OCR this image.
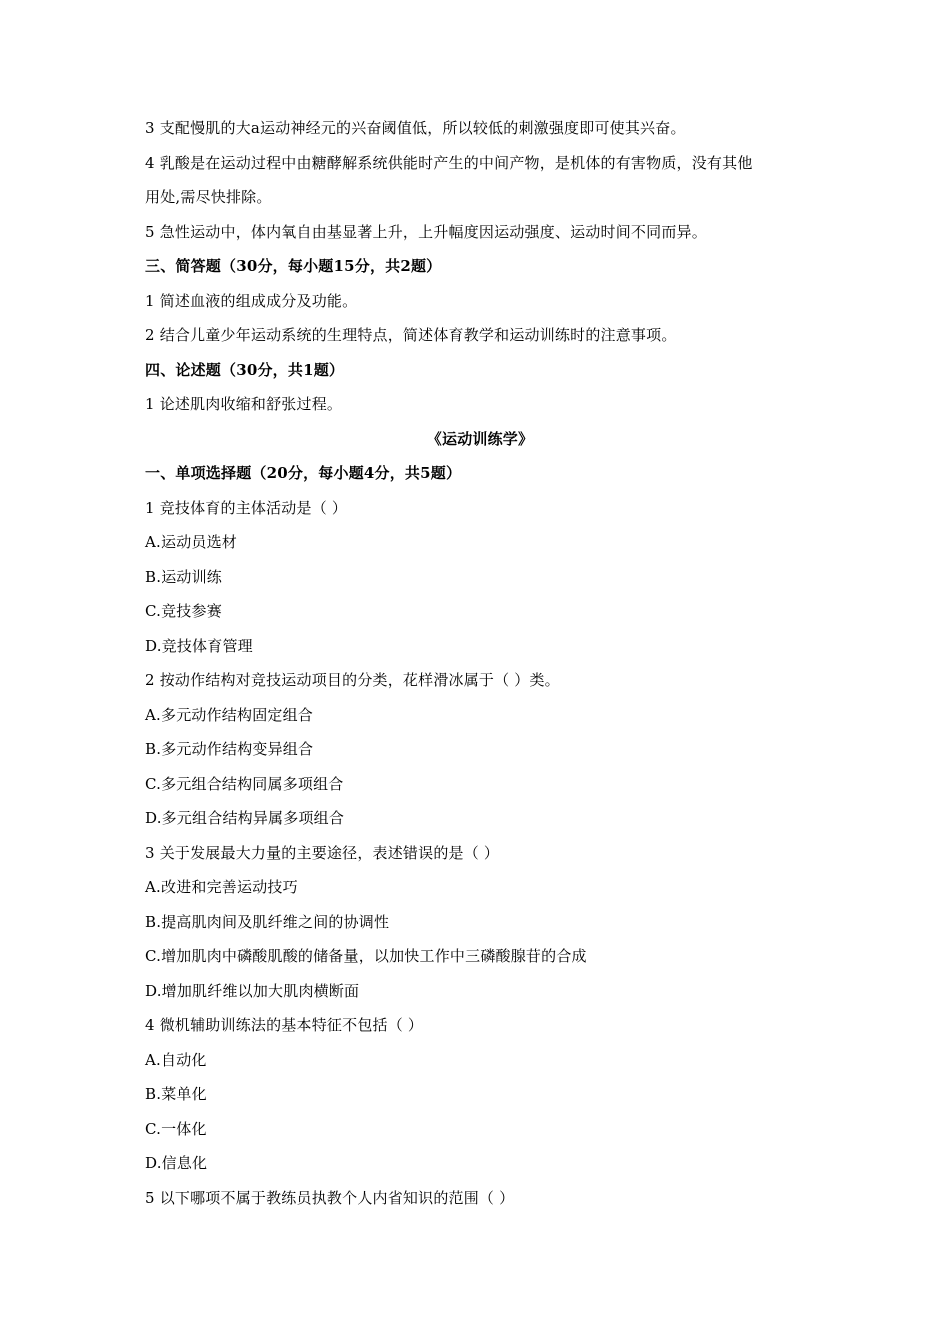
3 支配慢肌的大a运动神经元的兴奋阈值低，所以较低的刺激强度即可使其兴奋。
4 乳酸是在运动过程中由糖酵解系统供能时产生的中间产物，是机体的有害物质，没有其他
用处,需尽快排除。
5 急性运动中，体内氧自由基显著上升，上升幅度因运动强度、运动时间不同而异。
三、简答题（30分，每小题15分，共2题）
1 简述血液的组成成分及功能。
2 结合儿童少年运动系统的生理特点，简述体育教学和运动训练时的注意事项。
四、论述题（30分，共1题）
1 论述肌肉收缩和舒张过程。
《运动训练学》
一、单项选择题（20分，每小题4分，共5题）
1 竞技体育的主体活动是（ ）
A.运动员选材
B.运动训练
C.竞技参赛
D.竞技体育管理
2 按动作结构对竞技运动项目的分类，花样滑冰属于（ ）类。
A.多元动作结构固定组合
B.多元动作结构变异组合
C.多元组合结构同属多项组合
D.多元组合结构异属多项组合
3 关于发展最大力量的主要途径，表述错误的是（ ）
A.改进和完善运动技巧
B.提高肌肉间及肌纤维之间的协调性
C.增加肌肉中磷酸肌酸的储备量，以加快工作中三磷酸腺苷的合成
D.增加肌纤维以加大肌肉横断面
4 微机辅助训练法的基本特征不包括（ ）
A.自动化
B.菜单化
C.一体化
D.信息化
5 以下哪项不属于教练员执教个人内省知识的范围（ ）
